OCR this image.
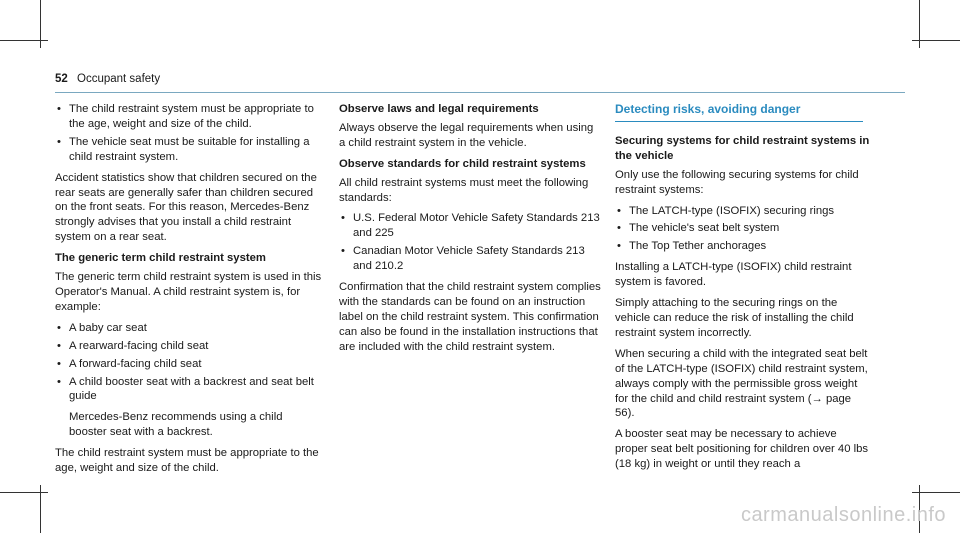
52 Occupant safety
• The child restraint system must be appropriate to the age, weight and size of the child.
• The vehicle seat must be suitable for installing a child restraint system.

Accident statistics show that children secured on the rear seats are generally safer than children secured on the front seats. For this reason, Mercedes-Benz strongly advises that you install a child restraint system on a rear seat.

The generic term child restraint system

The generic term child restraint system is used in this Operator's Manual. A child restraint system is, for example:

• A baby car seat
• A rearward-facing child seat
• A forward-facing child seat
• A child booster seat with a backrest and seat belt guide
Mercedes-Benz recommends using a child booster seat with a backrest.

The child restraint system must be appropriate to the age, weight and size of the child.

Observe laws and legal requirements

Always observe the legal requirements when using a child restraint system in the vehicle.

Observe standards for child restraint systems

All child restraint systems must meet the following standards:

• U.S. Federal Motor Vehicle Safety Standards 213 and 225
• Canadian Motor Vehicle Safety Standards 213 and 210.2

Confirmation that the child restraint system complies with the standards can be found on an instruction label on the child restraint system. This confirmation can also be found in the installation instructions that are included with the child restraint system.

Detecting risks, avoiding danger
Securing systems for child restraint systems in the vehicle

Only use the following securing systems for child restraint systems:

• The LATCH-type (ISOFIX) securing rings
• The vehicle's seat belt system
• The Top Tether anchorages

Installing a LATCH-type (ISOFIX) child restraint system is favored.

Simply attaching to the securing rings on the vehicle can reduce the risk of installing the child restraint system incorrectly.

When securing a child with the integrated seat belt of the LATCH-type (ISOFIX) child restraint system, always comply with the permissible gross weight for the child and child restraint system (→ page 56).

A booster seat may be necessary to achieve proper seat belt positioning for children over 40 lbs (18 kg) in weight or until they reach a

carmanualsonline.info
